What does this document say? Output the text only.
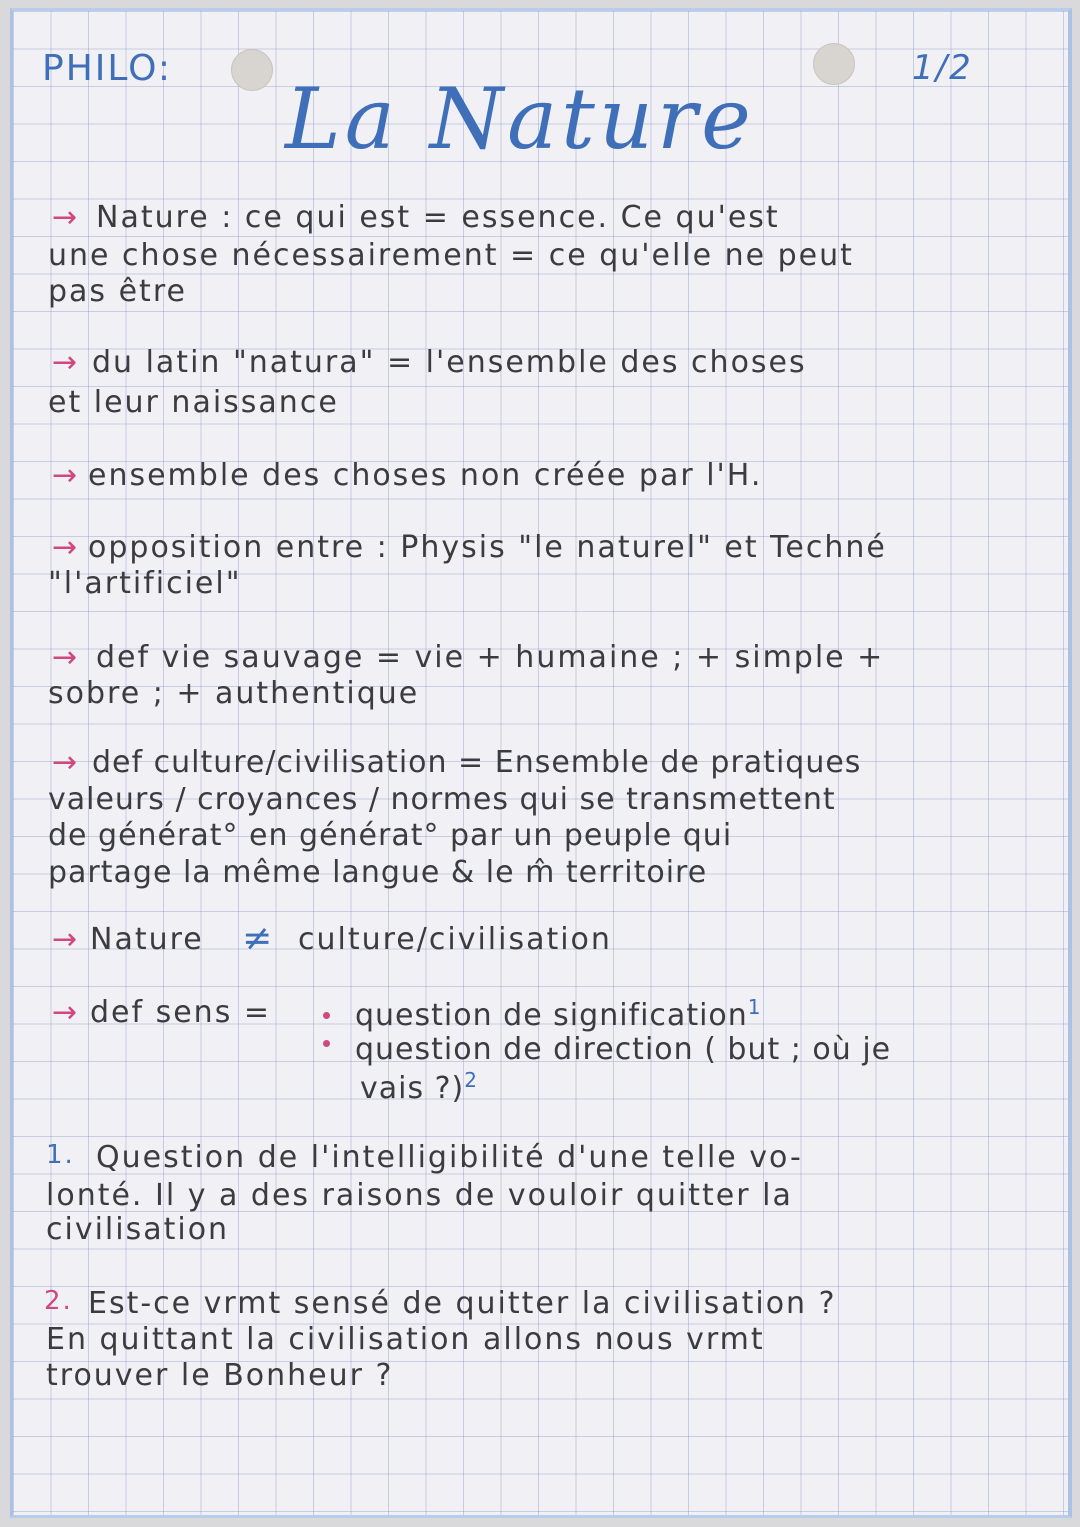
PHILO:	1/2
La Nature
→ Nature : ce qui est = essence. Ce qu'est
une chose nécessairement = ce qu'elle ne peut
pas être
→ du latin "natura" = l'ensemble des choses
et leur naissance
→ ensemble des choses non créée par l'H.
→ opposition entre : Physis "le naturel" et Techné
"l'artificiel"
→ def vie sauvage = vie + humaine ; + simple +
sobre ; + authentique
→ def culture/civilisation = Ensemble de pratiques
valeurs / croyances / normes qui se transmettent
de générat° en générat° par un peuple qui
partage la même langue & le m̂ territoire
→ Nature ≠ culture/civilisation
→ def sens =	question de signification$^1$
question de direction ( but ; où je
vais ?)$^2$
1. Question de l'intelligibilité d'une telle vo-
lonté. Il y a des raisons de vouloir quitter la
civilisation
2. Est-ce vrmt sensé de quitter la civilisation ?
En quittant la civilisation allons nous vrmt
trouver le Bonheur ?
